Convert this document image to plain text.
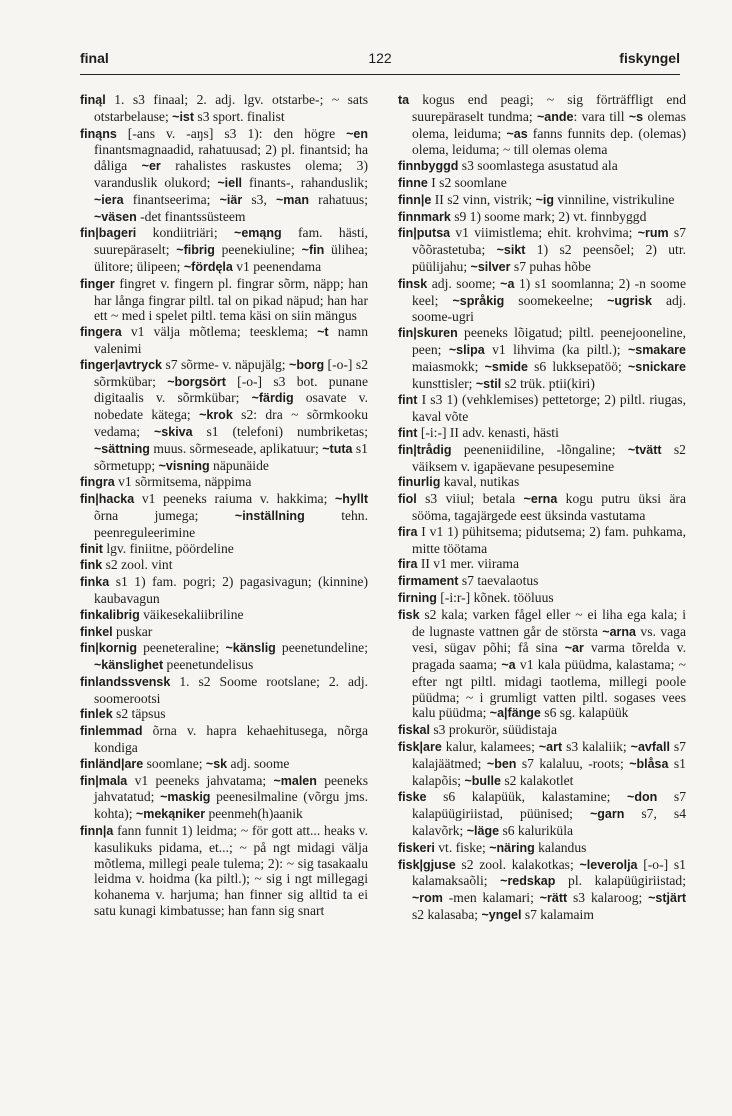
final	122	fiskyngel

finąl 1. s3 finaal; 2. adj. lgv. otstarbe-; ~ sats otstarbelause; ~ist s3 sport. finalist

finąns [-ans v. -aŋs] s3 1): den högre ~en finantsmagnaadid, rahatuusad; 2) pl. finantsid; ha dåliga ~er rahalistes raskustes olema; 3) varanduslik olukord; ~iell finants-, rahanduslik; ~iera finantseerima; ~iär s3, ~man rahatuus; ~väsen -det finantssüsteem

fin|bageri kondiitriäri; ~emąng fam. hästi, suurepäraselt; ~fibrig peenekiuline; ~fin ülihea; ülitore; ülipeen; ~fördęla v1 peenendama

finger fingret v. fingern pl. fingrar sõrm, näpp; han har långa fingrar piltl. tal on pikad näpud; han har ett ~ med i spelet piltl. tema käsi on siin mängus

fingera v1 välja mõtlema; teesklema; ~t namn valenimi

finger|avtryck s7 sõrme- v. näpujälg; ~borg [-o-] s2 sõrmkübar; ~borgsört [-o-] s3 bot. punane digitaalis v. sõrmkübar; ~färdig osavate v. nobedate kätega; ~krok s2: dra ~ sõrmkooku vedama; ~skiva s1 (telefoni) numbriketas; ~sättning muus. sõrmeseade, aplikatuur; ~tuta s1 sõrmetupp; ~visning näpunäide

fingra v1 sõrmitsema, näppima

fin|hacka v1 peeneks raiuma v. hakkima; ~hyllt õrna jumega; ~inställning tehn. peenreguleerimine

finit lgv. finiitne, pöördeline

fink s2 zool. vint

finka s1 1) fam. pogri; 2) pagasivagun; (kinnine) kaubavagun

finkalibrig väikesekaliibriline

finkel puskar

fin|kornig peeneteraline; ~känslig peenetundeline; ~känslighet peenetundelisus

finlandssvensk 1. s2 Soome rootslane; 2. adj. soomerootsi

finlek s2 täpsus

finlemmad õrna v. hapra kehaehitusega, nõrga kondiga

finländ|are soomlane; ~sk adj. soome

fin|mala v1 peeneks jahvatama; ~malen peeneks jahvatatud; ~maskig peenesilmaline (võrgu jms. kohta); ~mekąniker peenmeh(h)aanik

finn|a fann funnit 1) leidma; ~ för gott att... heaks v. kasulikuks pidama, et...; ~ på ngt midagi välja mõtlema, millegi peale tulema; 2): ~ sig tasakaalu leidma v. hoidma (ka piltl.); ~ sig i ngt millegagi kohanema v. harjuma; han finner sig alltid ta ei satu kunagi kimbatusse; han fann sig snart

ta kogus end peagi; ~ sig förträffligt end suurepäraselt tundma; ~ande: vara till ~s olemas olema, leiduma; ~as fanns funnits dep. (olemas) olema, leiduma; ~ till olemas olema

finnbyggd s3 soomlastega asustatud ala

finne I s2 soomlane

finn|e II s2 vinn, vistrik; ~ig vinniline, vistrikuline

finnmark s9 1) soome mark; 2) vt. finnbyggd

fin|putsa v1 viimistlema; ehit. krohvima; ~rum s7 võõrastetuba; ~sikt 1) s2 peensõel; 2) utr. püülijahu; ~silver s7 puhas hõbe

finsk adj. soome; ~a 1) s1 soomlanna; 2) -n soome keel; ~språkig soomekeelne; ~ugrisk adj. soome-ugri

fin|skuren peeneks lõigatud; piltl. peenejooneline, peen; ~slipa v1 lihvima (ka piltl.); ~smakare maiasmokk; ~smide s6 lukksepatöö; ~snickare kunsttisler; ~stil s2 trük. ptii(kiri)

fint I s3 1) (vehklemises) pettetorge; 2) piltl. riugas, kaval võte

fint [-i:-] II adv. kenasti, hästi

fin|trådig peeneniidiline, -lõngaline; ~tvätt s2 väiksem v. igapäevane pesupesemine

finurlig kaval, nutikas

fiol s3 viiul; betala ~erna kogu putru üksi ära sööma, tagajärgede eest üksinda vastutama

fira I v1 1) pühitsema; pidutsema; 2) fam. puhkama, mitte töötama

fira II v1 mer. viirama

firmament s7 taevalaotus

firning [-i:r-] kõnek. tööluus

fisk s2 kala; varken fågel eller ~ ei liha ega kala; i de lugnaste vattnen går de största ~arna vs. vaga vesi, sügav põhi; få sina ~ar varma tõrelda v. pragada saama; ~a v1 kala püüdma, kalastama; ~ efter ngt piltl. midagi taotlema, millegi poole püüdma; ~ i grumligt vatten piltl. sogases vees kalu püüdma; ~a|fänge s6 sg. kalapüük

fiskal s3 prokurör, süüdistaja

fisk|are kalur, kalamees; ~art s3 kalaliik; ~avfall s7 kalajäätmed; ~ben s7 kalaluu, -roots; ~blåsa s1 kalapõis; ~bulle s2 kalakotlet

fiske s6 kalapüük, kalastamine; ~don s7 kalapüügiriistad, püünised; ~garn s7, s4 kalavõrk; ~läge s6 kaluriküla

fiskeri vt. fiske; ~näring kalandus

fisk|gjuse s2 zool. kalakotkas; ~leverolja [-o-] s1 kalamaksaõli; ~redskap pl. kalapüügiriistad; ~rom -men kalamari; ~rätt s3 kalaroog; ~stjärt s2 kalasaba; ~yngel s7 kalamaim
